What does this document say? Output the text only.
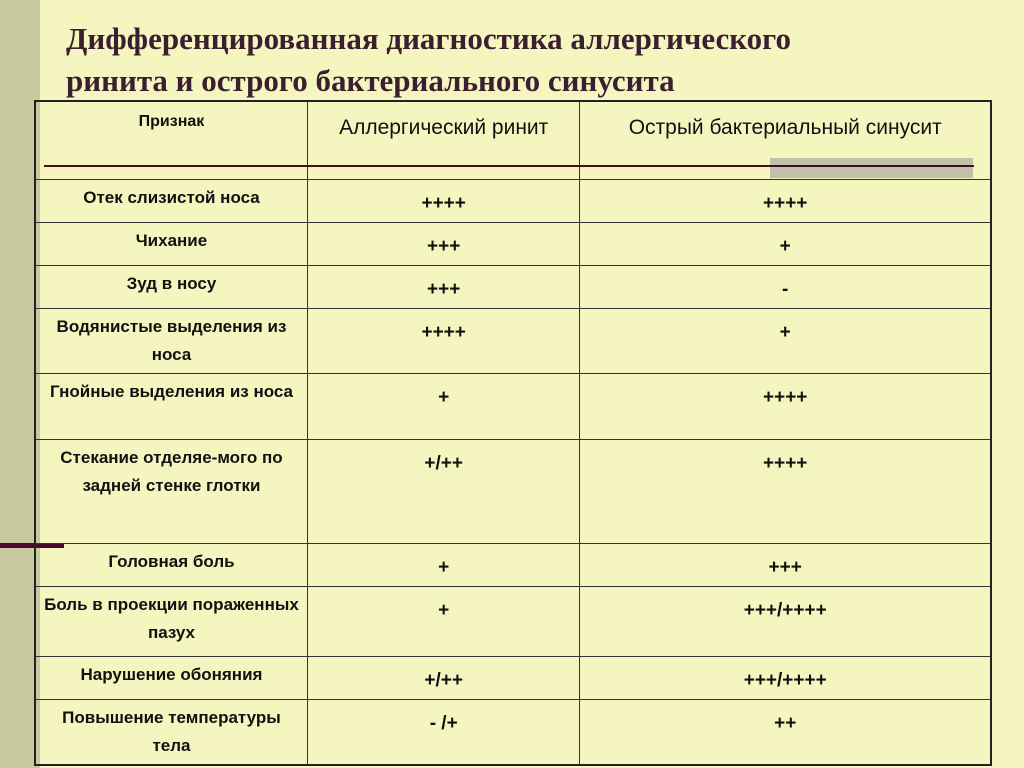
Дифференцированная диагностика аллергического
ринита и острого бактериального синусита
Признак	Аллергический ринит	Острый бактериальный синусит
Отек слизистой носа	++++	++++
Чихание	+++	+
Зуд в носу	+++	-
Водянистые выделения из носа	++++	+
Гнойные выделения из носа	+	++++
Стекание отделяе-мого по задней стенке глотки	+/++	++++
Головная боль	+	+++
Боль в проекции пораженных пазух	+	+++/++++
Нарушение обоняния	+/++	+++/++++
Повышение температуры тела	- /+	++
